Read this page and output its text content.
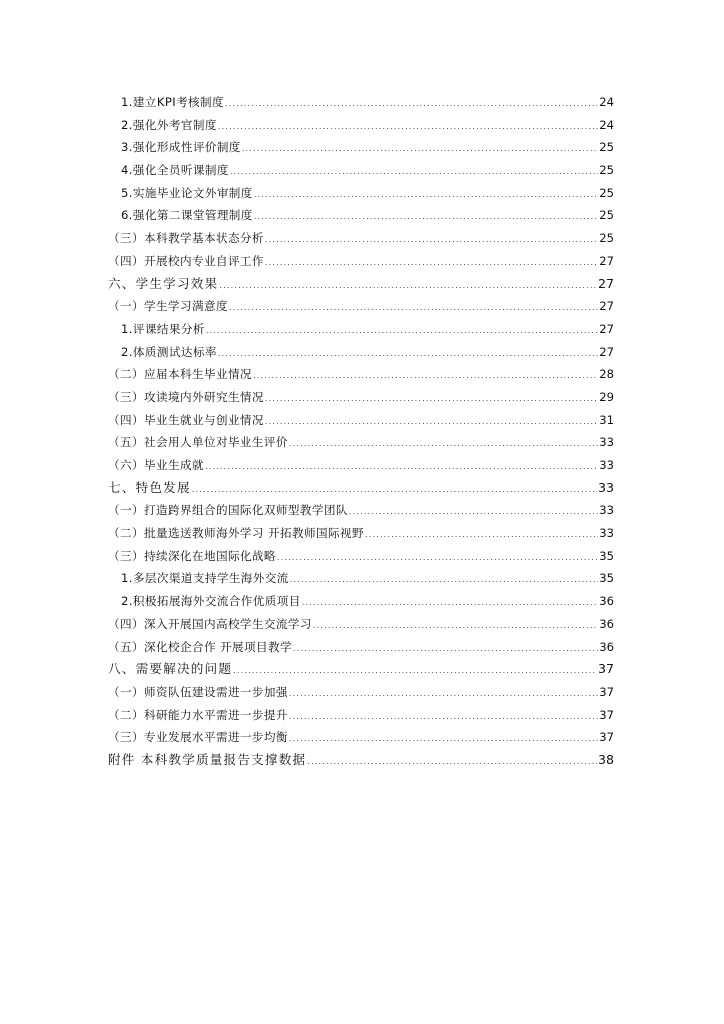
1.建立KPI考核制度 .....	24
2.强化外考官制度 .....	24
3.强化形成性评价制度 .....	25
4.强化全员听课制度 .....	25
5.实施毕业论文外审制度 .....	25
6.强化第二课堂管理制度 .....	25
（三）本科教学基本状态分析 .....	25
（四）开展校内专业自评工作 .....	27
六、学生学习效果 .....	27
（一）学生学习满意度 .....	27
1.评课结果分析 .....	27
2.体质测试达标率 .....	27
（二）应届本科生毕业情况 .....	28
（三）攻读境内外研究生情况 .....	29
（四）毕业生就业与创业情况 .....	31
（五）社会用人单位对毕业生评价 .....	33
（六）毕业生成就 .....	33
七、特色发展 .....	33
（一）打造跨界组合的国际化双师型教学团队 .....	33
（二）批量选送教师海外学习 开拓教师国际视野 .....	33
（三）持续深化在地国际化战略 .....	35
1.多层次渠道支持学生海外交流 .....	35
2.积极拓展海外交流合作优质项目 .....	36
（四）深入开展国内高校学生交流学习 .....	36
（五）深化校企合作 开展项目教学 .....	36
八、需要解决的问题 .....	37
（一）师资队伍建设需进一步加强 .....	37
（二）科研能力水平需进一步提升 .....	37
（三）专业发展水平需进一步均衡 .....	37
附件 本科教学质量报告支撑数据 .....	38
